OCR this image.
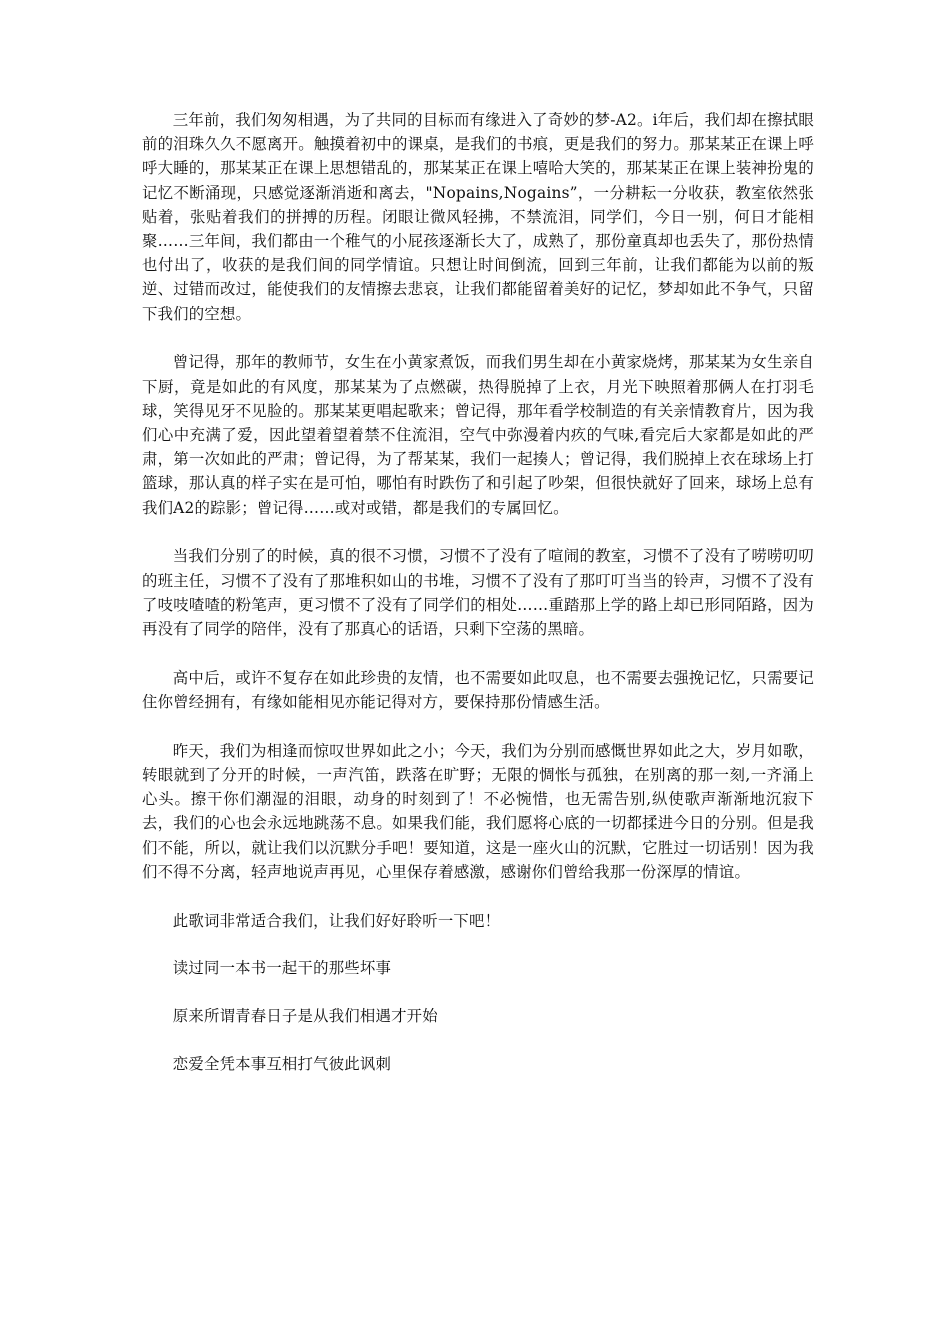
三年前，我们匆匆相遇，为了共同的目标而有缘进入了奇妙的梦-A2。i年后，我们却在擦拭眼前的泪珠久久不愿离开。触摸着初中的课桌，是我们的书痕，更是我们的努力。那某某正在课上呼呼大睡的，那某某正在课上思想错乱的，那某某正在课上嘻哈大笑的，那某某正在课上装神扮鬼的记忆不断涌现，只感觉逐渐消逝和离去，"Nopains,Nogains”，一分耕耘一分收获，教室依然张贴着，张贴着我们的拼搏的历程。闭眼让微风轻拂，不禁流泪，同学们，今日一别，何日才能相聚……三年间，我们都由一个稚气的小屁孩逐渐长大了，成熟了，那份童真却也丢失了，那份热情也付出了，收获的是我们间的同学情谊。只想让时间倒流，回到三年前，让我们都能为以前的叛逆、过错而改过，能使我们的友情擦去悲哀，让我们都能留着美好的记忆，梦却如此不争气，只留下我们的空想。

曾记得，那年的教师节，女生在小黄家煮饭，而我们男生却在小黄家烧烤，那某某为女生亲自下厨，竟是如此的有风度，那某某为了点燃碳，热得脱掉了上衣，月光下映照着那俩人在打羽毛球，笑得见牙不见脸的。那某某更唱起歌来；曾记得，那年看学校制造的有关亲情教育片，因为我们心中充满了爱，因此望着望着禁不住流泪，空气中弥漫着内疚的气味,看完后大家都是如此的严肃，第一次如此的严肃；曾记得，为了帮某某，我们一起揍人；曾记得，我们脱掉上衣在球场上打篮球，那认真的样子实在是可怕，哪怕有时跌伤了和引起了吵架，但很快就好了回来，球场上总有我们A2的踪影；曾记得……或对或错，都是我们的专属回忆。

当我们分别了的时候，真的很不习惯，习惯不了没有了喧闹的教室，习惯不了没有了唠唠叨叨的班主任，习惯不了没有了那堆积如山的书堆，习惯不了没有了那叮叮当当的铃声，习惯不了没有了吱吱喳喳的粉笔声，更习惯不了没有了同学们的相处……重踏那上学的路上却已形同陌路，因为再没有了同学的陪伴，没有了那真心的话语，只剩下空荡的黑暗。

高中后，或许不复存在如此珍贵的友情，也不需要如此叹息，也不需要去强挽记忆，只需要记住你曾经拥有，有缘如能相见亦能记得对方，要保持那份情感生活。

昨天，我们为相逢而惊叹世界如此之小；今天，我们为分别而感慨世界如此之大，岁月如歌，转眼就到了分开的时候，一声汽笛，跌落在旷野；无限的惆怅与孤独，在别离的那一刻,一齐涌上心头。擦干你们潮湿的泪眼，动身的时刻到了！不必惋惜，也无需告别,纵使歌声渐渐地沉寂下去，我们的心也会永远地跳荡不息。如果我们能，我们愿将心底的一切都揉进今日的分别。但是我们不能，所以，就让我们以沉默分手吧！要知道，这是一座火山的沉默，它胜过一切话别！因为我们不得不分离，轻声地说声再见，心里保存着感激，感谢你们曾给我那一份深厚的情谊。

此歌词非常适合我们，让我们好好聆听一下吧！

读过同一本书一起干的那些坏事

原来所谓青春日子是从我们相遇才开始

恋爱全凭本事互相打气彼此讽刺
